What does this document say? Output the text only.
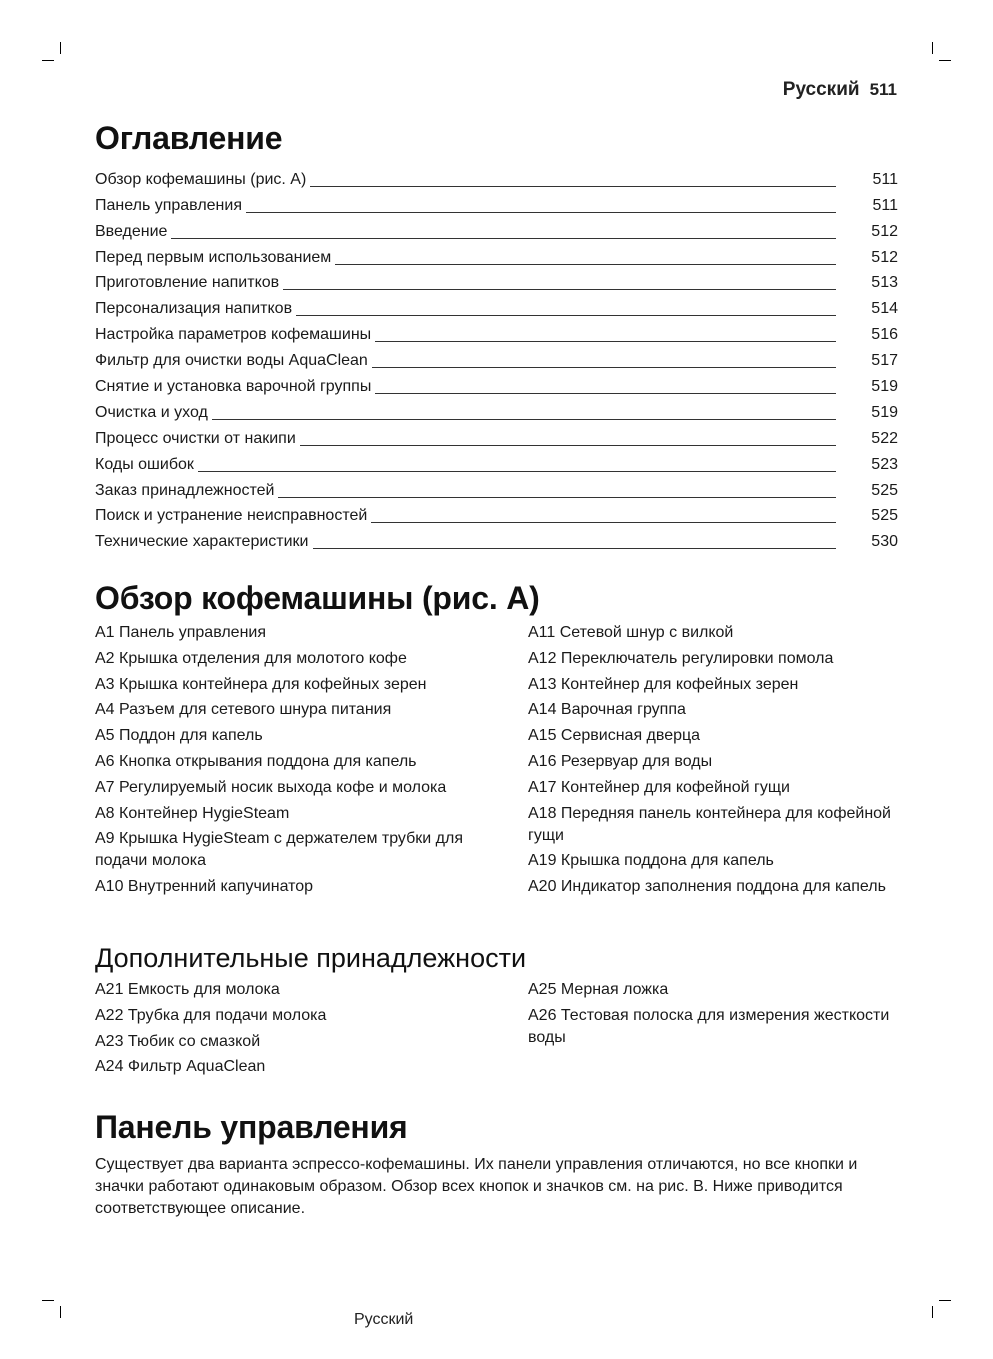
Русский 511
Оглавление
Обзор кофемашины (рис. A)	511
Панель управления	511
Введение	512
Перед первым использованием	512
Приготовление напитков	513
Персонализация напитков	514
Настройка параметров кофемашины	516
Фильтр для очистки воды AquaClean	517
Снятие и установка варочной группы	519
Очистка и уход	519
Процесс очистки от накипи	522
Коды ошибок	523
Заказ принадлежностей	525
Поиск и устранение неисправностей	525
Технические характеристики	530
Обзор кофемашины (рис. A)
A1 Панель управления
A2 Крышка отделения для молотого кофе
A3 Крышка контейнера для кофейных зерен
A4 Разъем для сетевого шнура питания
A5 Поддон для капель
A6 Кнопка открывания поддона для капель
A7 Регулируемый носик выхода кофе и молока
A8 Контейнер HygieSteam
A9 Крышка HygieSteam с держателем трубки для подачи молока
A10 Внутренний капучинатор
A11 Сетевой шнур с вилкой
A12 Переключатель регулировки помола
A13 Контейнер для кофейных зерен
A14 Варочная группа
A15 Сервисная дверца
A16 Резервуар для воды
A17 Контейнер для кофейной гущи
A18 Передняя панель контейнера для кофейной гущи
A19 Крышка поддона для капель
A20 Индикатор заполнения поддона для капель
Дополнительные принадлежности
A21 Емкость для молока
A22 Трубка для подачи молока
A23 Тюбик со смазкой
A24 Фильтр AquaClean
A25 Мерная ложка
A26 Тестовая полоска для измерения жесткости воды
Панель управления

Существует два варианта эспрессо-кофемашины. Их панели управления отличаются, но все кнопки и значки работают одинаковым образом. Обзор всех кнопок и значков см. на рис. B. Ниже приводится соответствующее описание.

Русский
